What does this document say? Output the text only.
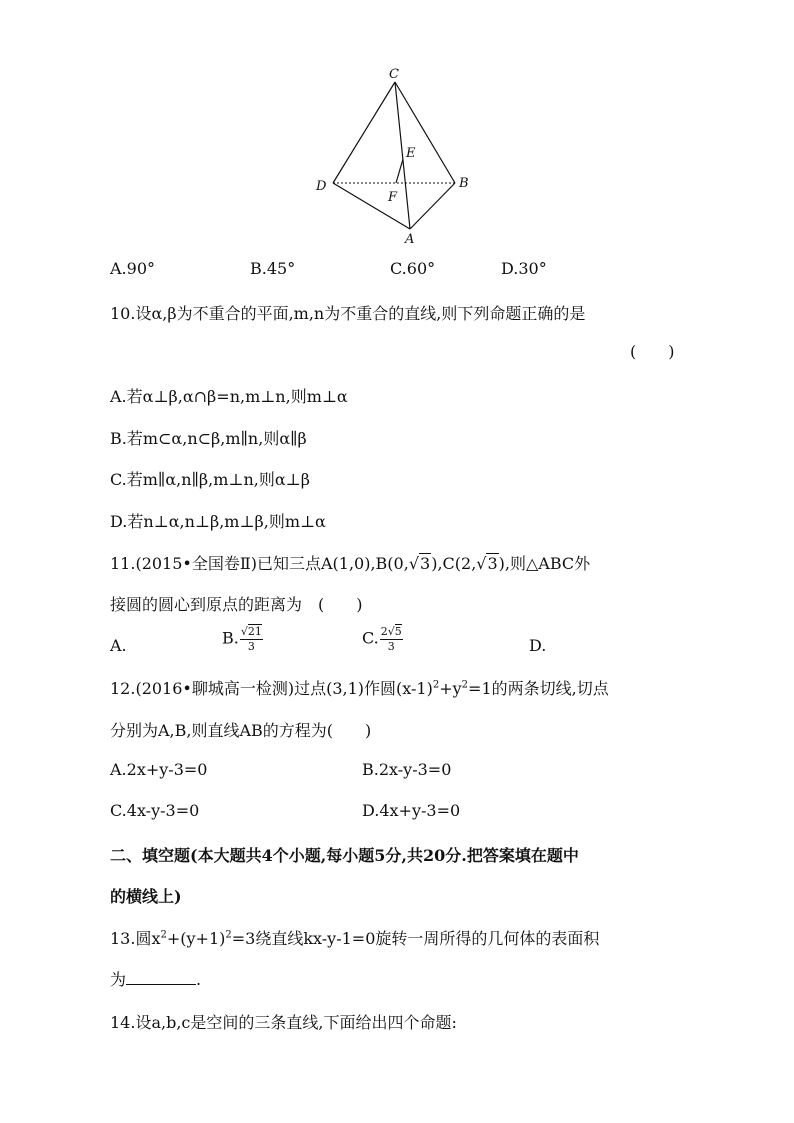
C
E
D	B
F
A
A.90°	B.45°	C.60°	D.30°
10.设α,β为不重合的平面,m,n为不重合的直线,则下列命题正确的是
(  )
A.若α⊥β,α∩β=n,m⊥n,则m⊥α
B.若m⊂α,n⊂β,m∥n,则α∥β
C.若m∥α,n∥β,m⊥n,则α⊥β
D.若n⊥α,n⊥β,m⊥β,则m⊥α
11.(2015•全国卷Ⅱ)已知三点A(1,0),B(0,√3),C(2,√3),则△ABC外
接圆的圆心到原点的距离为 (  )
A.	B. $\frac{√21}{3}$	C. $\frac{2√5}{3}$	D.
12.(2016•聊城高一检测)过点(3,1)作圆$(x-1)^2+y^2=1$的两条切线,切点
分别为A,B,则直线AB的方程为(  )
A.2x+y-3=0	B.2x-y-3=0
C.4x-y-3=0	D.4x+y-3=0
二、填空题(本大题共4个小题,每小题5分,共20分.把答案填在题中
的横线上)
13.圆$x^2+(y+1)^2=3$绕直线kx-y-1=0旋转一周所得的几何体的表面积
为	.
14.设a,b,c是空间的三条直线,下面给出四个命题:
